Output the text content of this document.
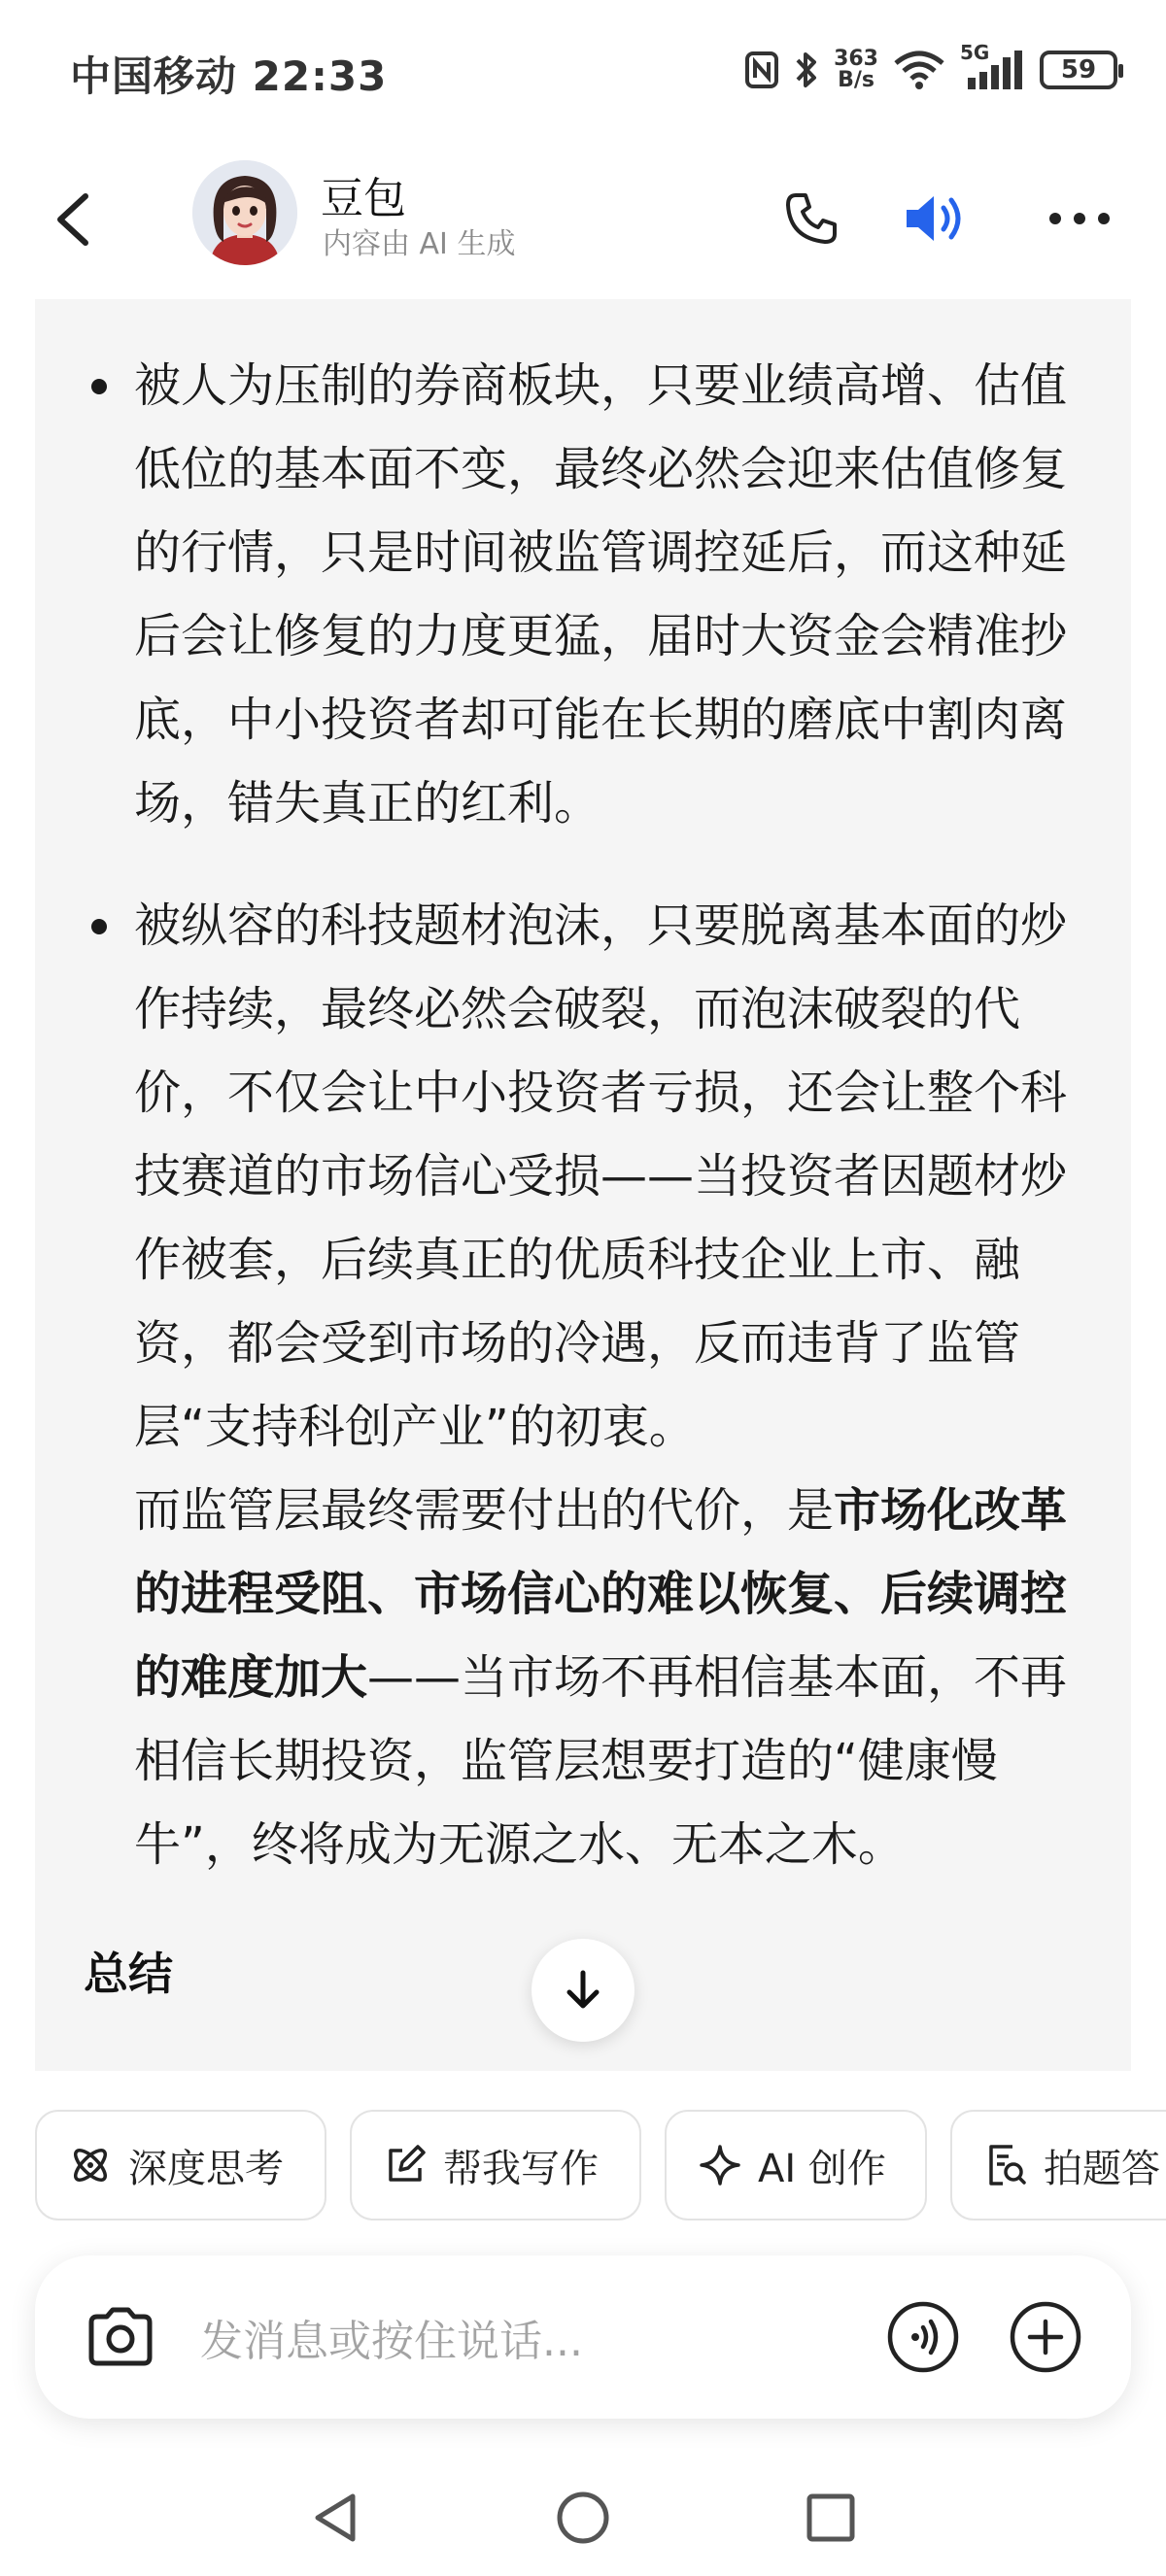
中国移动 22:33	363
B/s
5G
59
豆包
内容由 AI 生成
被人为压制的券商板块，只要业绩高增、估值低位的基本面不变，最终必然会迎来估值修复的行情，只是时间被监管调控延后，而这种延后会让修复的力度更猛，届时大资金会精准抄底，中小投资者却可能在长期的磨底中割肉离场，错失真正的红利。
被纵容的科技题材泡沫，只要脱离基本面的炒作持续，最终必然会破裂，而泡沫破裂的代价，不仅会让中小投资者亏损，还会让整个科技赛道的市场信心受损——当投资者因题材炒作被套，后续真正的优质科技企业上市、融资，都会受到市场的冷遇，反而违背了监管层“支持科创产业”的初衷。
而监管层最终需要付出的代价，是市场化改革的进程受阻、市场信心的难以恢复、后续调控的难度加大——当市场不再相信基本面，不再相信长期投资，监管层想要打造的“健康慢牛”，终将成为无源之水、无本之木。
总结
深度思考	帮我写作	AI 创作	拍题答
发消息或按住说话...
